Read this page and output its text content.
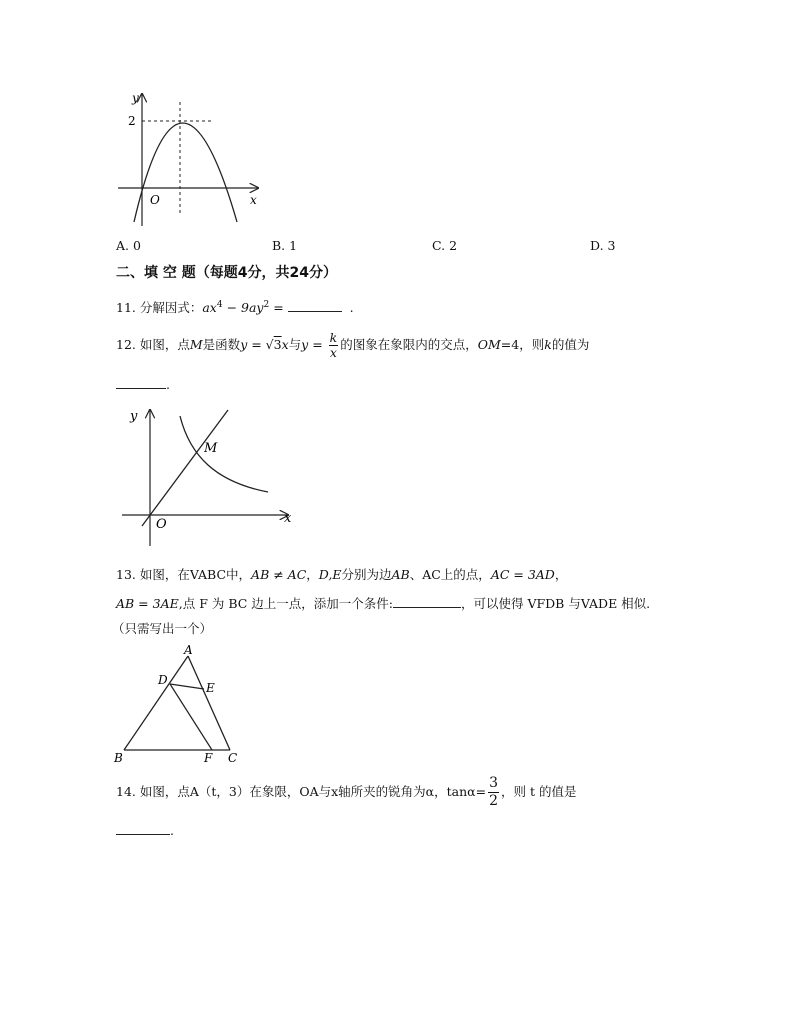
y
x
O
2
A. 0	B. 1	C. 2	D. 3
二、填 空 题（每题4分，共24分）
11. 分解因式：$ax^4 - 9ay^2$ =	.
12. 如图，点M是函数y = √3x与$y = \frac{k}{x}$ 的图象在象限内的交点，OM=4，则k的值为
.
y
x
O
M
13. 如图，在VABC中，AB ≠ AC，D,E分别为边AB、AC上的点，AC = 3AD，
AB = 3AE,点 F 为 BC 边上一点，添加一个条件:	，可以使得 VFDB 与VADE 相似.
（只需写出一个）
A
B	C
D
E
F
14. 如图，点A（t，3）在象限，OA与x轴所夹的锐角为α，$\tan\alpha= \frac{3}{2}$ ，则 t 的值是
.
